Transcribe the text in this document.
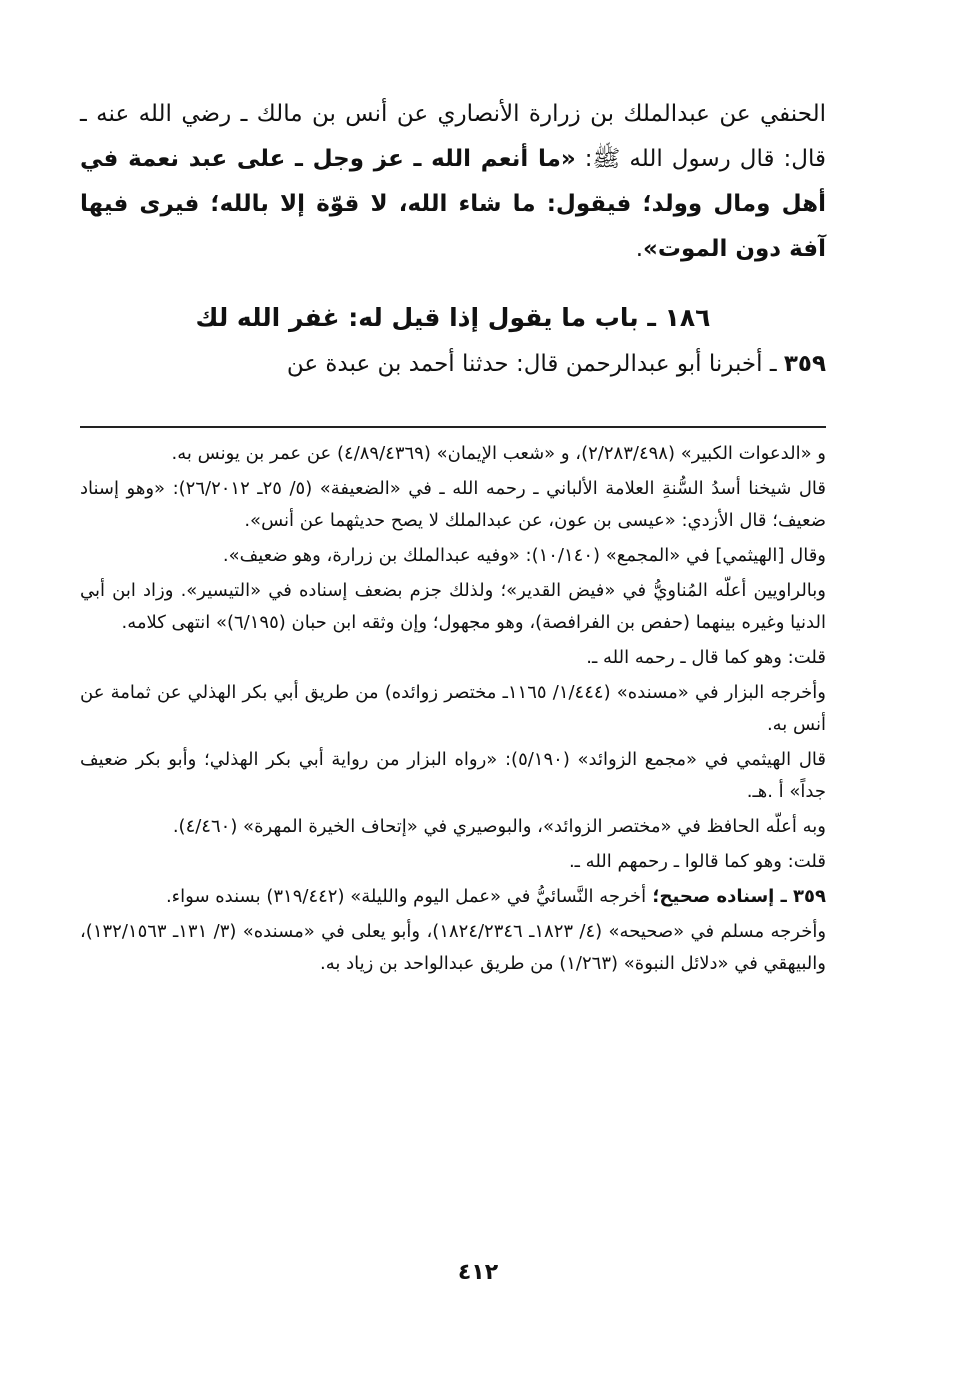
الحنفي عن عبدالملك بن زرارة الأنصاري عن أنس بن مالك ـ رضي الله عنه ـ قال: قال رسول الله ﷺ: «ما أنعم الله ـ عز وجل ـ على عبد نعمة في أهل ومال وولد؛ فيقول: ما شاء الله، لا قوّة إلا بالله؛ فيرى فيها آفة دون الموت».

١٨٦ ـ باب ما يقول إذا قيل له: غفر الله لك

٣٥٩ ـ أخبرنا أبو عبدالرحمن قال: حدثنا أحمد بن عبدة عن

و «الدعوات الكبير» (٢/٢٨٣/٤٩٨)، و «شعب الإيمان» (٤/٨٩/٤٣٦٩) عن عمر بن يونس به.

قال شيخنا أسدُ السُّنةِ العلامة الألباني ـ رحمه الله ـ في «الضعيفة» (٥/ ٢٥ـ ٢٦/٢٠١٢): «وهو إسناد ضعيف؛ قال الأزدي: «عيسى بن عون، عن عبدالملك لا يصح حديثهما عن أنس».

وقال [الهيثمي] في «المجمع» (١٠/١٤٠): «وفيه عبدالملك بن زرارة، وهو ضعيف».

وبالراويين أعلّه المُناويُّ في «فيض القدير»؛ ولذلك جزم بضعف إسناده في «التيسير». وزاد ابن أبي الدنيا وغيره بينهما (حفص بن الفرافصة)، وهو مجهول؛ وإن وثقه ابن حبان (٦/١٩٥)» انتهى كلامه.

قلت: وهو كما قال ـ رحمه الله ـ.

وأخرجه البزار في «مسنده» (١/٤٤٤/ ١١٦٥ـ مختصر زوائده) من طريق أبي بكر الهذلي عن ثمامة عن أنس به.

قال الهيثمي في «مجمع الزوائد» (٥/١٩٠): «رواه البزار من رواية أبي بكر الهذلي؛ وأبو بكر ضعيف جداً» أ .هـ.

وبه أعلّه الحافظ في «مختصر الزوائد»، والبوصيري في «إتحاف الخيرة المهرة» (٤/٤٦٠).

قلت: وهو كما قالوا ـ رحمهم الله ـ.

٣٥٩ ـ إسناده صحيح؛ أخرجه النَّسائيُّ في «عمل اليوم والليلة» (٣١٩/٤٤٢) بسنده سواء.

وأخرجه مسلم في «صحيحه» (٤/ ١٨٢٣ـ ١٨٢٤/٢٣٤٦)، وأبو يعلى في «مسنده» (٣/ ١٣١ـ ١٣٢/١٥٦٣)، والبيهقي في «دلائل النبوة» (١/٢٦٣) من طريق عبدالواحد بن زياد به.

٤١٢
